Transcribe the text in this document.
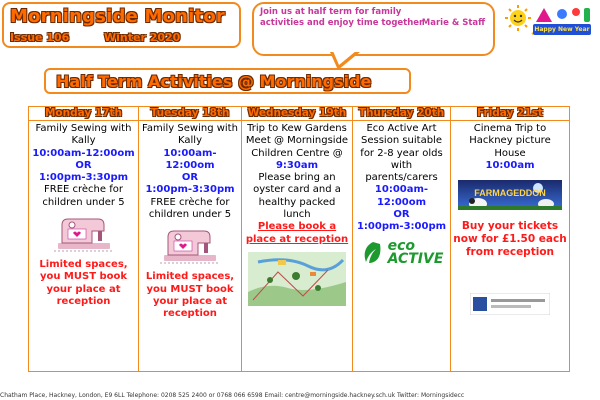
Morningside Monitor
Issue 106	Winter 2020
Join us at half term for family activities and enjoy time together
Marie & Staff
Happy New Year
Half Term Activities @ Morningside
Monday 17th

Family Sewing with Kally

10:00am-12:00om

OR

1:00pm-3:30pm

FREE crèche for children under 5

Limited spaces, you MUST book your place at reception

Tuesday 18th

Family Sewing with Kally

10:00am-12:00om

OR

1:00pm-3:30pm

FREE crèche for children under 5

Limited spaces, you MUST book your place at reception

Wednesday 19th

Trip to Kew Gardens

Meet @ Morningside Children Centre @

9:30am

Please bring an oyster card and a healthy packed lunch

Please book a place at reception

Thursday 20th

Eco Active Art Session suitable for 2-8 year olds with parents/carers

10:00am-12:00om

OR

1:00pm-3:00pm

eco
ACTIVE
Friday 21st

Cinema Trip to Hackney picture House

10:00am

FARMAGEDDON

Buy your tickets now for £1.50 each from reception

Chatham Place, Hackney, London, E9 6LL Telephone: 0208 525 2400 or 0768 066 6598 Email: centre@morningside.hackney.sch.uk Twitter: Morningsidecc
